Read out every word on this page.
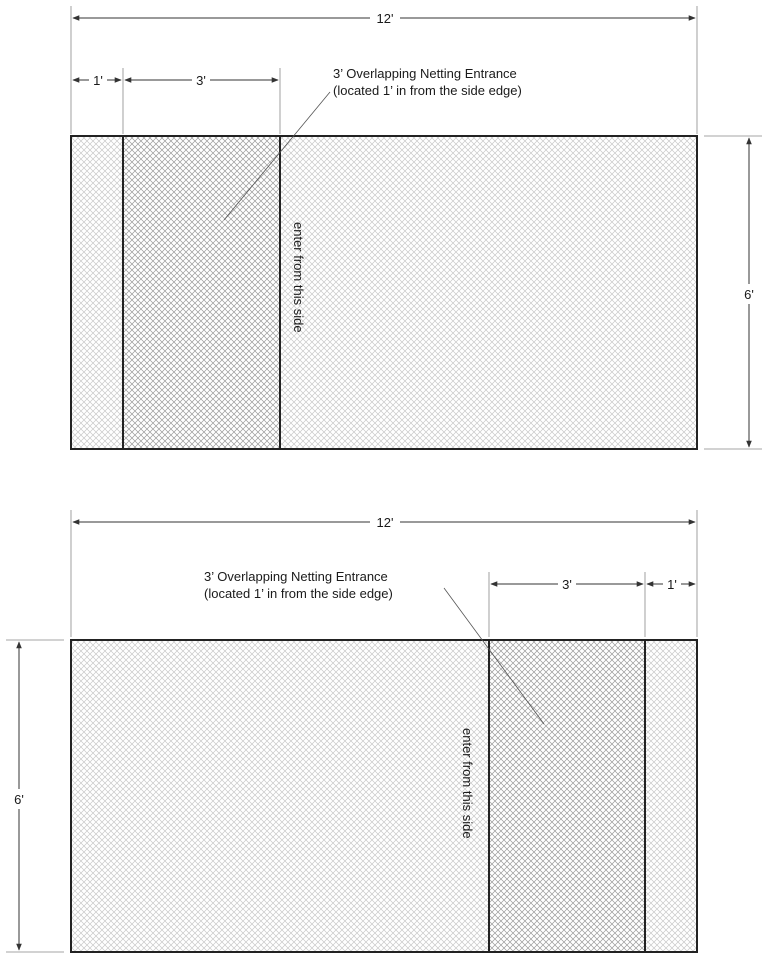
12'
1'	3'	3’ Overlapping Netting Entrance
(located 1’ in from the side edge)
enter from this side	6'
12'
3'	1'
3’ Overlapping Netting Entrance
(located 1’ in from the side edge)
enter from this side
6'
